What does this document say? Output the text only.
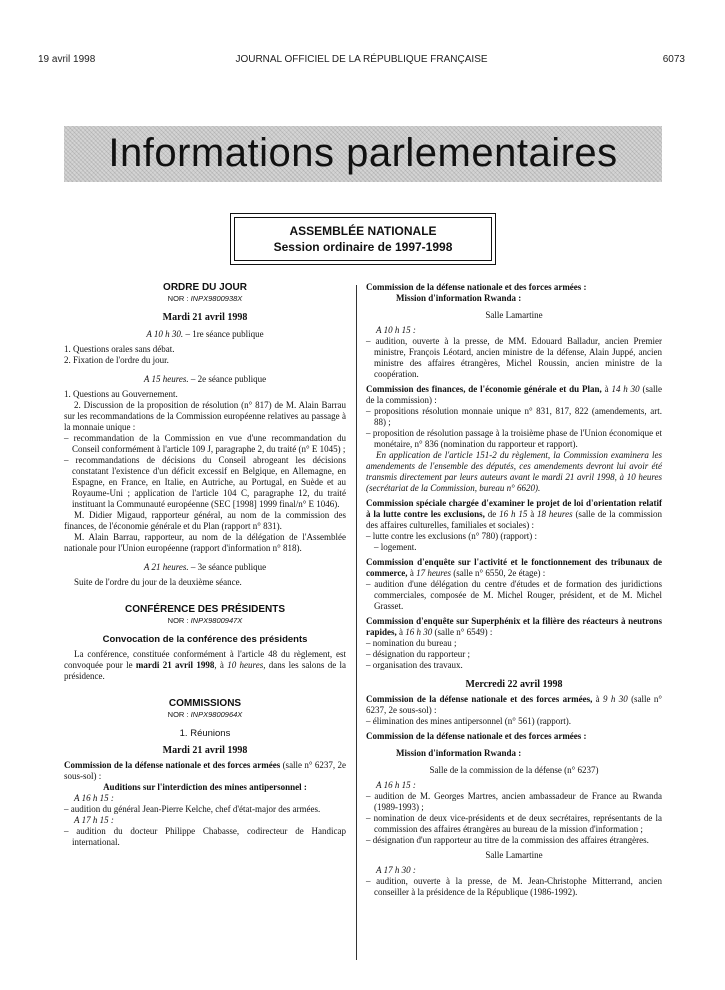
19 avril 1998	JOURNAL OFFICIEL DE LA RÉPUBLIQUE FRANÇAISE	6073
Informations parlementaires
ASSEMBLÉE NATIONALE
Session ordinaire de 1997-1998
ORDRE DU JOUR
NOR : INPX9800938X
Mardi 21 avril 1998
A 10 h 30. – 1re séance publique
1. Questions orales sans débat.
2. Fixation de l'ordre du jour.
A 15 heures. – 2e séance publique
1. Questions au Gouvernement.
2. Discussion de la proposition de résolution (n° 817) de M. Alain Barrau sur les recommandations de la Commission européenne relatives au passage à la monnaie unique :
– recommandation de la Commission en vue d'une recommandation du Conseil conformément à l'article 109 J, paragraphe 2, du traité (n° E 1045) ;
– recommandations de décisions du Conseil abrogeant les décisions constatant l'existence d'un déficit excessif en Belgique, en Allemagne, en Espagne, en France, en Italie, en Autriche, au Portugal, en Suède et au Royaume-Uni ; application de l'article 104 C, paragraphe 12, du traité instituant la Communauté européenne (SEC [1998] 1999 final/n° E 1046).
M. Didier Migaud, rapporteur général, au nom de la commission des finances, de l'économie générale et du Plan (rapport n° 831).
M. Alain Barrau, rapporteur, au nom de la délégation de l'Assemblée nationale pour l'Union européenne (rapport d'information n° 818).
A 21 heures. – 3e séance publique
Suite de l'ordre du jour de la deuxième séance.
CONFÉRENCE DES PRÉSIDENTS
NOR : INPX9800947X
Convocation de la conférence des présidents
La conférence, constituée conformément à l'article 48 du règlement, est convoquée pour le mardi 21 avril 1998, à 10 heures, dans les salons de la présidence.
COMMISSIONS
NOR : INPX9800964X
1. Réunions
Mardi 21 avril 1998
Commission de la défense nationale et des forces armées (salle n° 6237, 2e sous-sol) :
Auditions sur l'interdiction des mines antipersonnel :
A 16 h 15 :
– audition du général Jean-Pierre Kelche, chef d'état-major des armées.
A 17 h 15 :
– audition du docteur Philippe Chabasse, codirecteur de Handicap international.
Commission de la défense nationale et des forces armées :
Mission d'information Rwanda :
Salle Lamartine
A 10 h 15 :
– audition, ouverte à la presse, de MM. Edouard Balladur, ancien Premier ministre, François Léotard, ancien ministre de la défense, Alain Juppé, ancien ministre des affaires étrangères, Michel Roussin, ancien ministre de la coopération.
Commission des finances, de l'économie générale et du Plan, à 14 h 30 (salle de la commission) :
– propositions résolution monnaie unique n° 831, 817, 822 (amendements, art. 88) ;
– proposition de résolution passage à la troisième phase de l'Union économique et monétaire, n° 836 (nomination du rapporteur et rapport).
En application de l'article 151-2 du règlement, la Commission examinera les amendements de l'ensemble des députés, ces amendements devront lui avoir été transmis directement par leurs auteurs avant le mardi 21 avril 1998, à 10 heures (secrétariat de la Commission, bureau n° 6620).
Commission spéciale chargée d'examiner le projet de loi d'orientation relatif à la lutte contre les exclusions, de 16 h 15 à 18 heures (salle de la commission des affaires culturelles, familiales et sociales) :
– lutte contre les exclusions (n° 780) (rapport) :
– logement.
Commission d'enquête sur l'activité et le fonctionnement des tribunaux de commerce, à 17 heures (salle n° 6550, 2e étage) :
– audition d'une délégation du centre d'études et de formation des juridictions commerciales, composée de M. Michel Rouger, président, et de M. Michel Grasset.
Commission d'enquête sur Superphénix et la filière des réacteurs à neutrons rapides, à 16 h 30 (salle n° 6549) :
– nomination du bureau ;
– désignation du rapporteur ;
– organisation des travaux.
Mercredi 22 avril 1998
Commission de la défense nationale et des forces armées, à 9 h 30 (salle n° 6237, 2e sous-sol) :
– élimination des mines antipersonnel (n° 561) (rapport).
Commission de la défense nationale et des forces armées :
Mission d'information Rwanda :
Salle de la commission de la défense (n° 6237)
A 16 h 15 :
– audition de M. Georges Martres, ancien ambassadeur de France au Rwanda (1989-1993) ;
– nomination de deux vice-présidents et de deux secrétaires, représentants de la commission des affaires étrangères au bureau de la mission d'information ;
– désignation d'un rapporteur au titre de la commission des affaires étrangères.
Salle Lamartine
A 17 h 30 :
– audition, ouverte à la presse, de M. Jean-Christophe Mitterrand, ancien conseiller à la présidence de la République (1986-1992).
